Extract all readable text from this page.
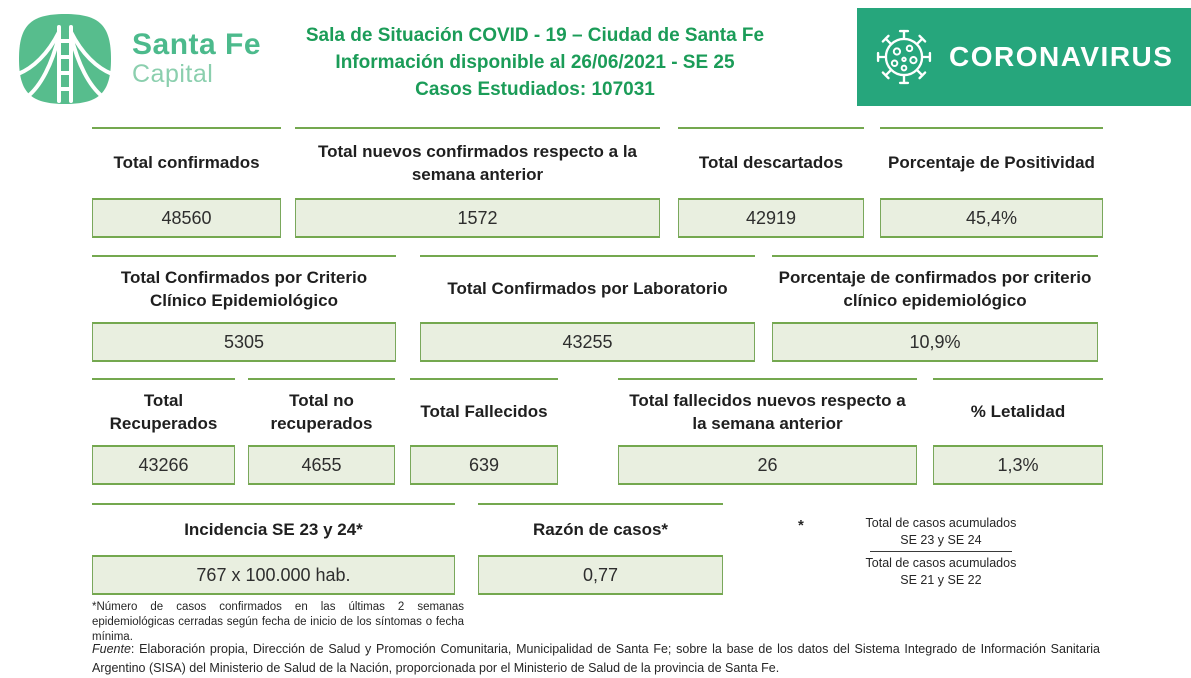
Santa Fe
Capital
Sala de Situación COVID - 19 – Ciudad de Santa Fe
Información disponible al 26/06/2021 - SE 25
Casos Estudiados: 107031
CORONAVIRUS
Total confirmados
48560
Total nuevos confirmados respecto a la semana anterior
1572
Total descartados
42919
Porcentaje de Positividad
45,4%
Total Confirmados por Criterio Clínico Epidemiológico
5305
Total Confirmados por Laboratorio
43255
Porcentaje de confirmados por criterio clínico epidemiológico
10,9%
Total Recuperados
43266
Total no recuperados
4655
Total Fallecidos
639
Total fallecidos nuevos respecto a la semana anterior
26
% Letalidad
1,3%
Incidencia SE 23 y 24*
767 x 100.000 hab.
Razón de casos*
0,77
*	Total de casos acumulados
SE 23 y SE 24
Total de casos acumulados
SE 21 y SE 22
*Número de casos confirmados en las últimas 2 semanas epidemiológicas cerradas según fecha de inicio de los síntomas o fecha mínima.
Fuente: Elaboración propia, Dirección de Salud y Promoción Comunitaria, Municipalidad de Santa Fe; sobre la base de los datos del Sistema Integrado de Información Sanitaria Argentino (SISA) del Ministerio de Salud de la Nación, proporcionada por el Ministerio de Salud de la provincia de Santa Fe.
